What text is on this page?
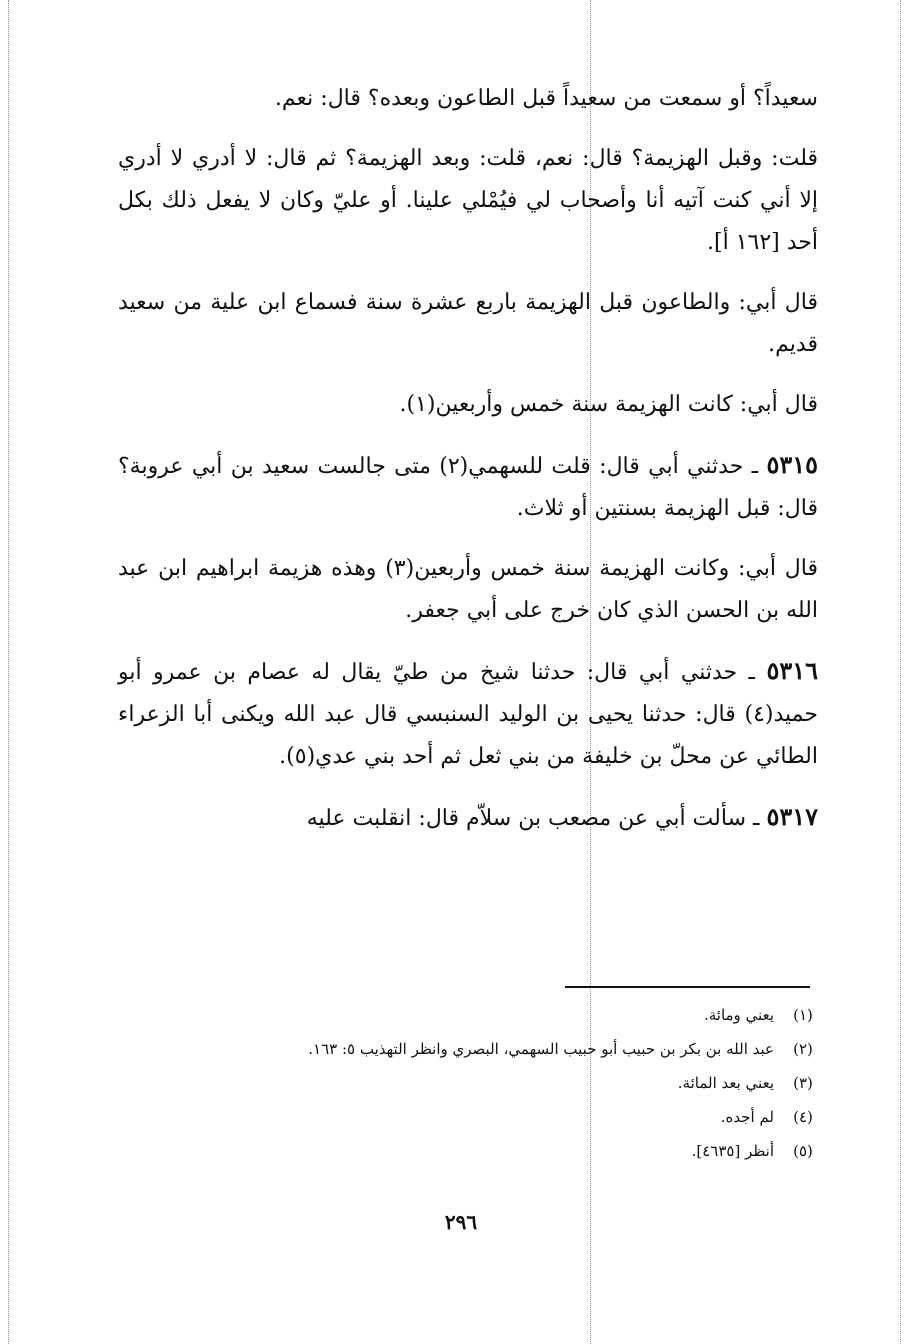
سعيداً؟ أو سمعت من سعيداً قبل الطاعون وبعده؟ قال: نعم.

قلت: وقبل الهزيمة؟ قال: نعم، قلت: وبعد الهزيمة؟ ثم قال: لا أدري لا أدري إلا أني كنت آتيه أنا وأصحاب لي فيُمْلي علينا. أو عليّ وكان لا يفعل ذلك بكل أحد [١٦٢ أ].

قال أبي: والطاعون قبل الهزيمة باربع عشرة سنة فسماع ابن علية من سعيد قديم.

قال أبي: كانت الهزيمة سنة خمس وأربعين(١).

٥٣١٥ ـ حدثني أبي قال: قلت للسهمي(٢) متى جالست سعيد بن أبي عروبة؟ قال: قبل الهزيمة بسنتين أو ثلاث.

قال أبي: وكانت الهزيمة سنة خمس وأربعين(٣) وهذه هزيمة ابراهيم ابن عبد الله بن الحسن الذي كان خرج على أبي جعفر.

٥٣١٦ ـ حدثني أبي قال: حدثنا شيخ من طيّ يقال له عصام بن عمرو أبو حميد(٤) قال: حدثنا يحيى بن الوليد السنبسي قال عبد الله ويكنى أبا الزعراء الطائي عن محلّ بن خليفة من بني ثعل ثم أحد بني عدي(٥).

٥٣١٧ ـ سألت أبي عن مصعب بن سلاّم قال: انقلبت عليه

(١)
يعني ومائة.
(٢)
عبد الله بن بكر بن حبيب أبو حبيب السهمي، البصري وانظر التهذيب ٥: ١٦٣.
(٣)
يعني بعد المائة.
(٤)
لم أجده.
(٥)
أنظر [٤٦٣٥].
٢٩٦
